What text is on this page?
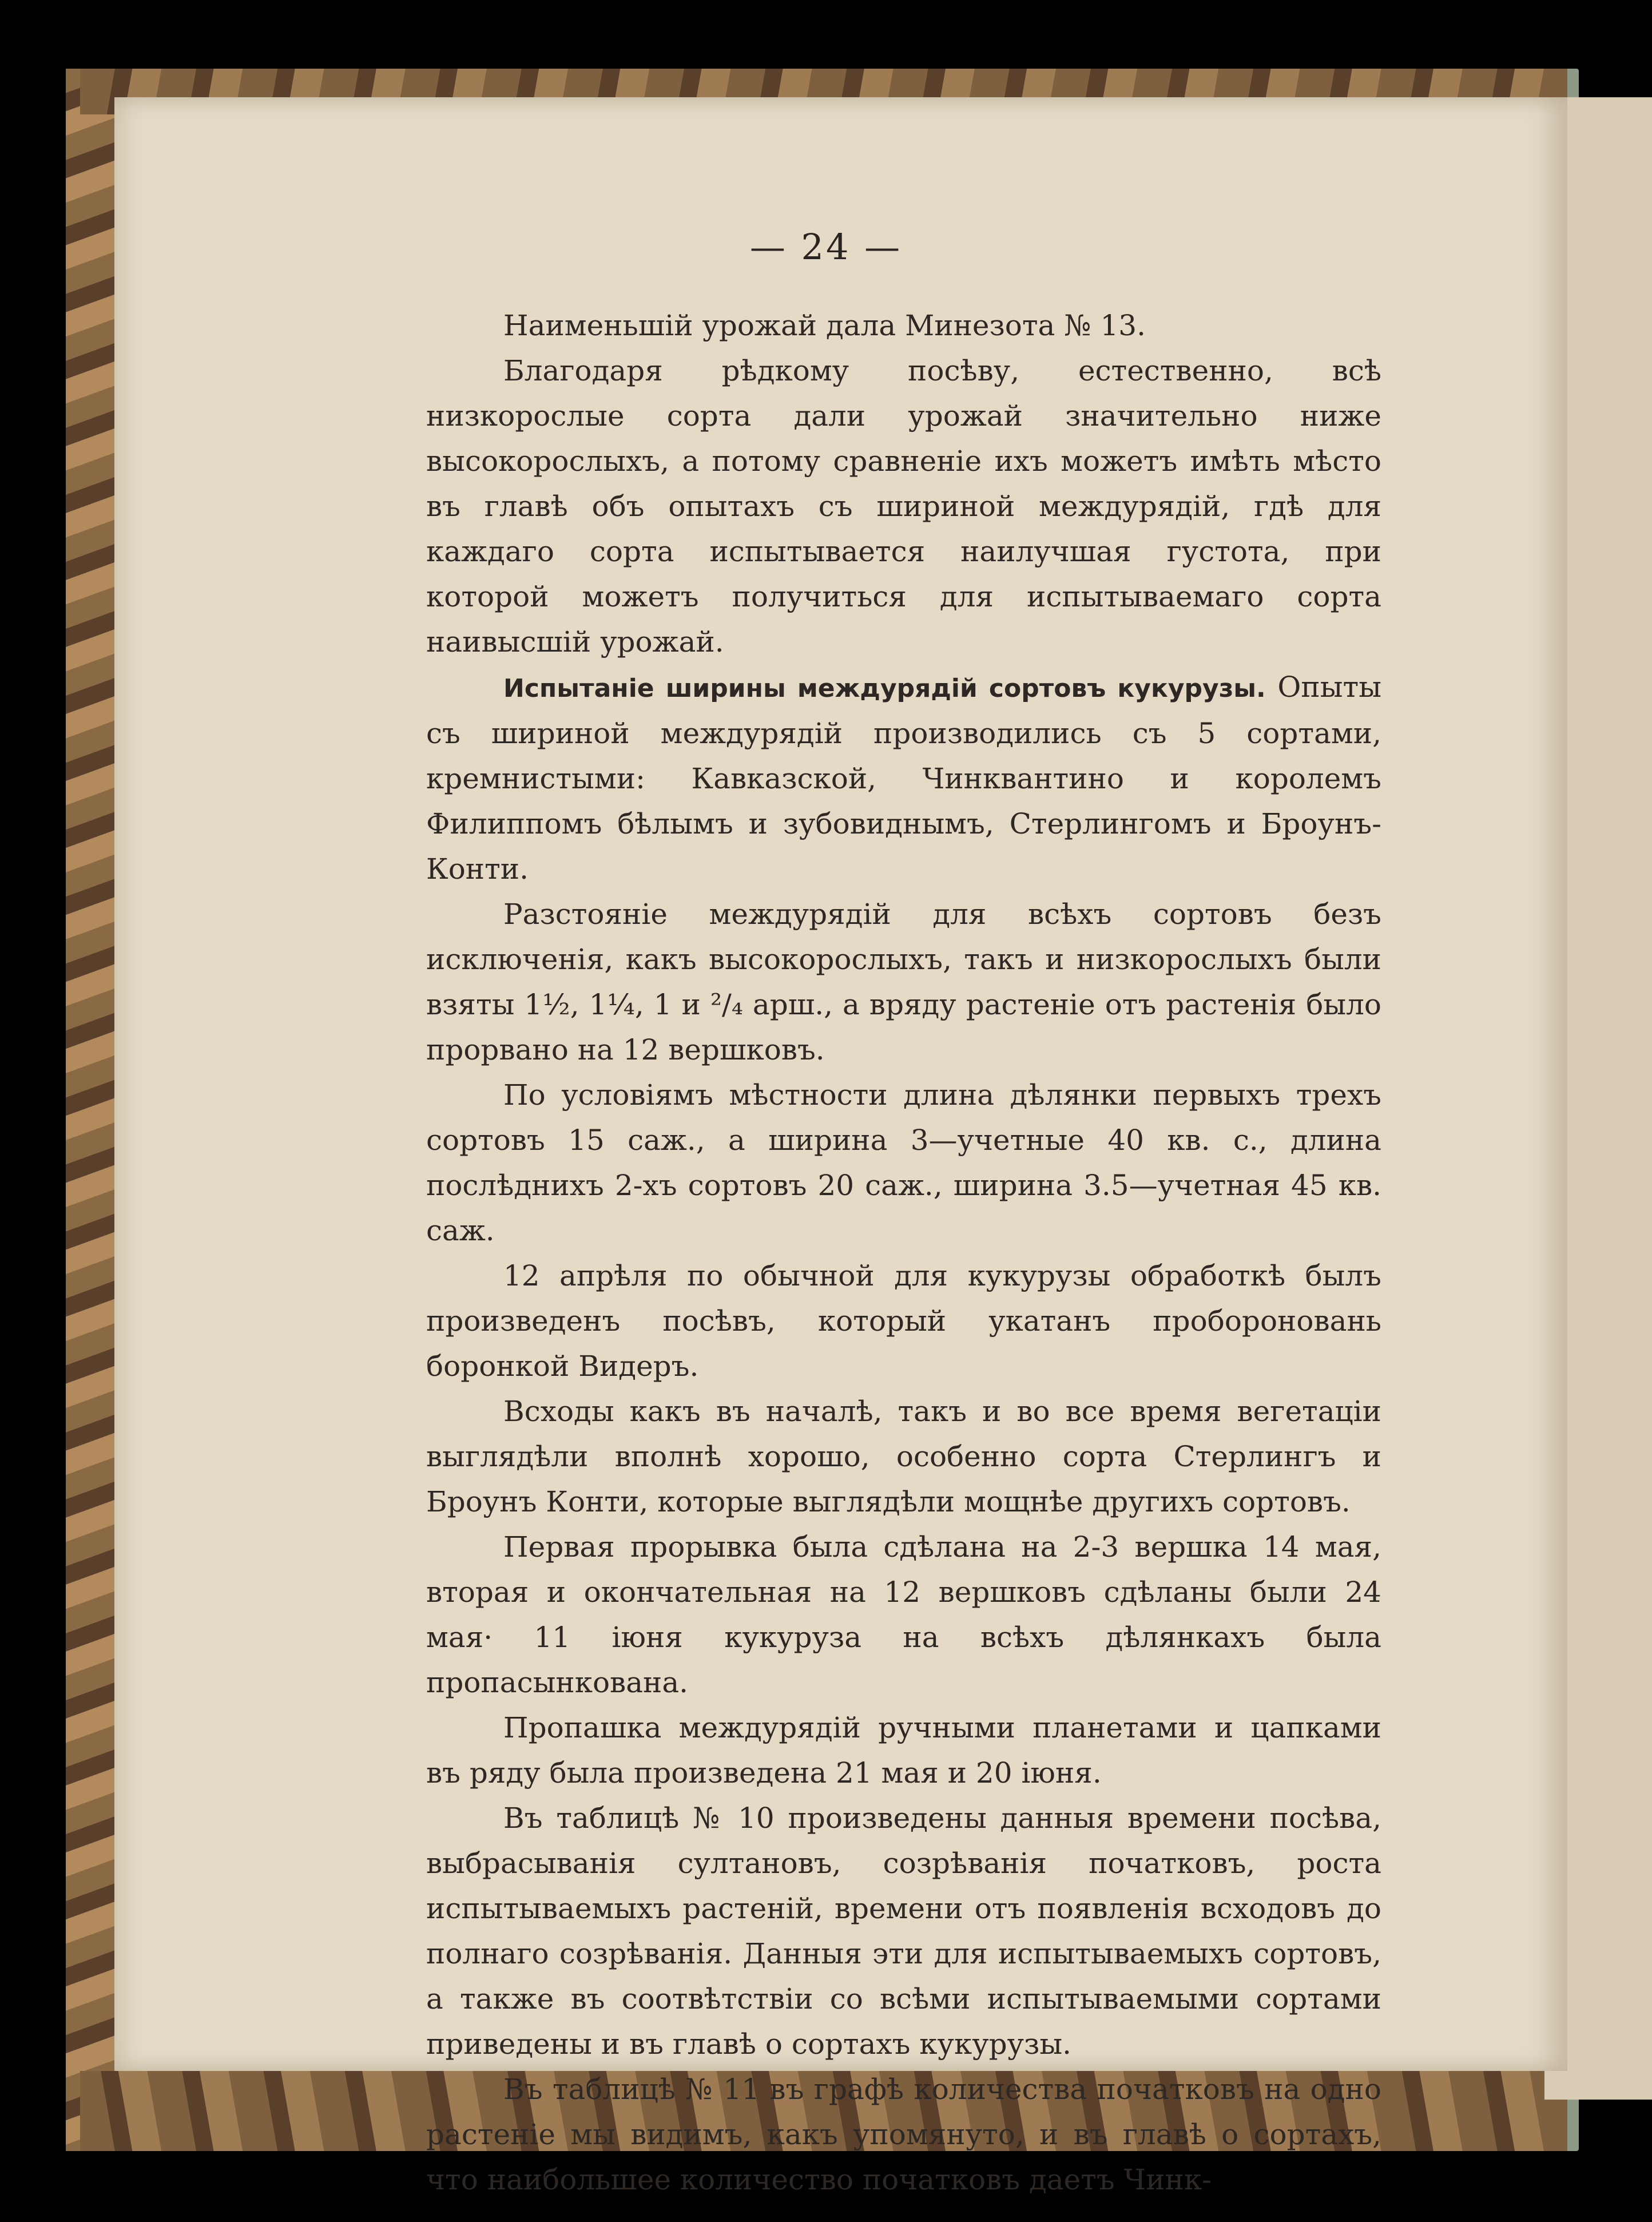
— 24 —

Наименьшій урожай дала Минезота № 13.

Благодаря рѣдкому посѣву, естественно, всѣ низкорослые сорта дали урожай значительно ниже высокорослыхъ, а потому сравненіе ихъ можетъ имѣть мѣсто въ главѣ объ опытахъ съ шириной междурядій, гдѣ для каждаго сорта испытывается наилучшая густота, при которой можетъ получиться для испытываемаго сорта наивысшій урожай.

Испытаніе ширины междурядій сортовъ кукурузы. Опыты съ шириной междурядій производились съ 5 сортами, кремнистыми: Кавказской, Чинквантино и королемъ Филиппомъ бѣлымъ и зубовиднымъ, Стерлингомъ и Броунъ-Конти.

Разстояніе междурядій для всѣхъ сортовъ безъ исключенія, какъ высокорослыхъ, такъ и низкорослыхъ были взяты 1½, 1¼, 1 и ²/₄ арш., а вряду растеніе отъ растенія было прорвано на 12 вершковъ.

По условіямъ мѣстности длина дѣлянки первыхъ трехъ сортовъ 15 саж., а ширина 3—учетные 40 кв. с., длина послѣднихъ 2-хъ сортовъ 20 саж., ширина 3.5—учетная 45 кв. саж.

12 апрѣля по обычной для кукурузы обработкѣ былъ произведенъ посѣвъ, который укатанъ пробороновань боронкой Видеръ.

Всходы какъ въ началѣ, такъ и во все время вегетаціи выглядѣли вполнѣ хорошо, особенно сорта Стерлингъ и Броунъ Конти, которые выглядѣли мощнѣе другихъ сортовъ.

Первая прорывка была сдѣлана на 2-3 вершка 14 мая, вторая и окончательная на 12 вершковъ сдѣланы были 24 мая· 11 іюня кукуруза на всѣхъ дѣлянкахъ была пропасынкована.

Пропашка междурядій ручными планетами и цапками въ ряду была произведена 21 мая и 20 іюня.

Въ таблицѣ № 10 произведены данныя времени посѣва, выбрасыванія султановъ, созрѣванія початковъ, роста испытываемыхъ растеній, времени отъ появленія всходовъ до полнаго созрѣванія. Данныя эти для испытываемыхъ сортовъ, а также въ соотвѣтствіи со всѣми испытываемыми сортами приведены и въ главѣ о сортахъ кукурузы.

Въ таблицѣ № 11 въ графѣ количества початковъ на одно растеніе мы видимъ, какъ упомянуто, и въ главѣ о сортахъ, что наибольшее количество початковъ даетъ Чинк-
